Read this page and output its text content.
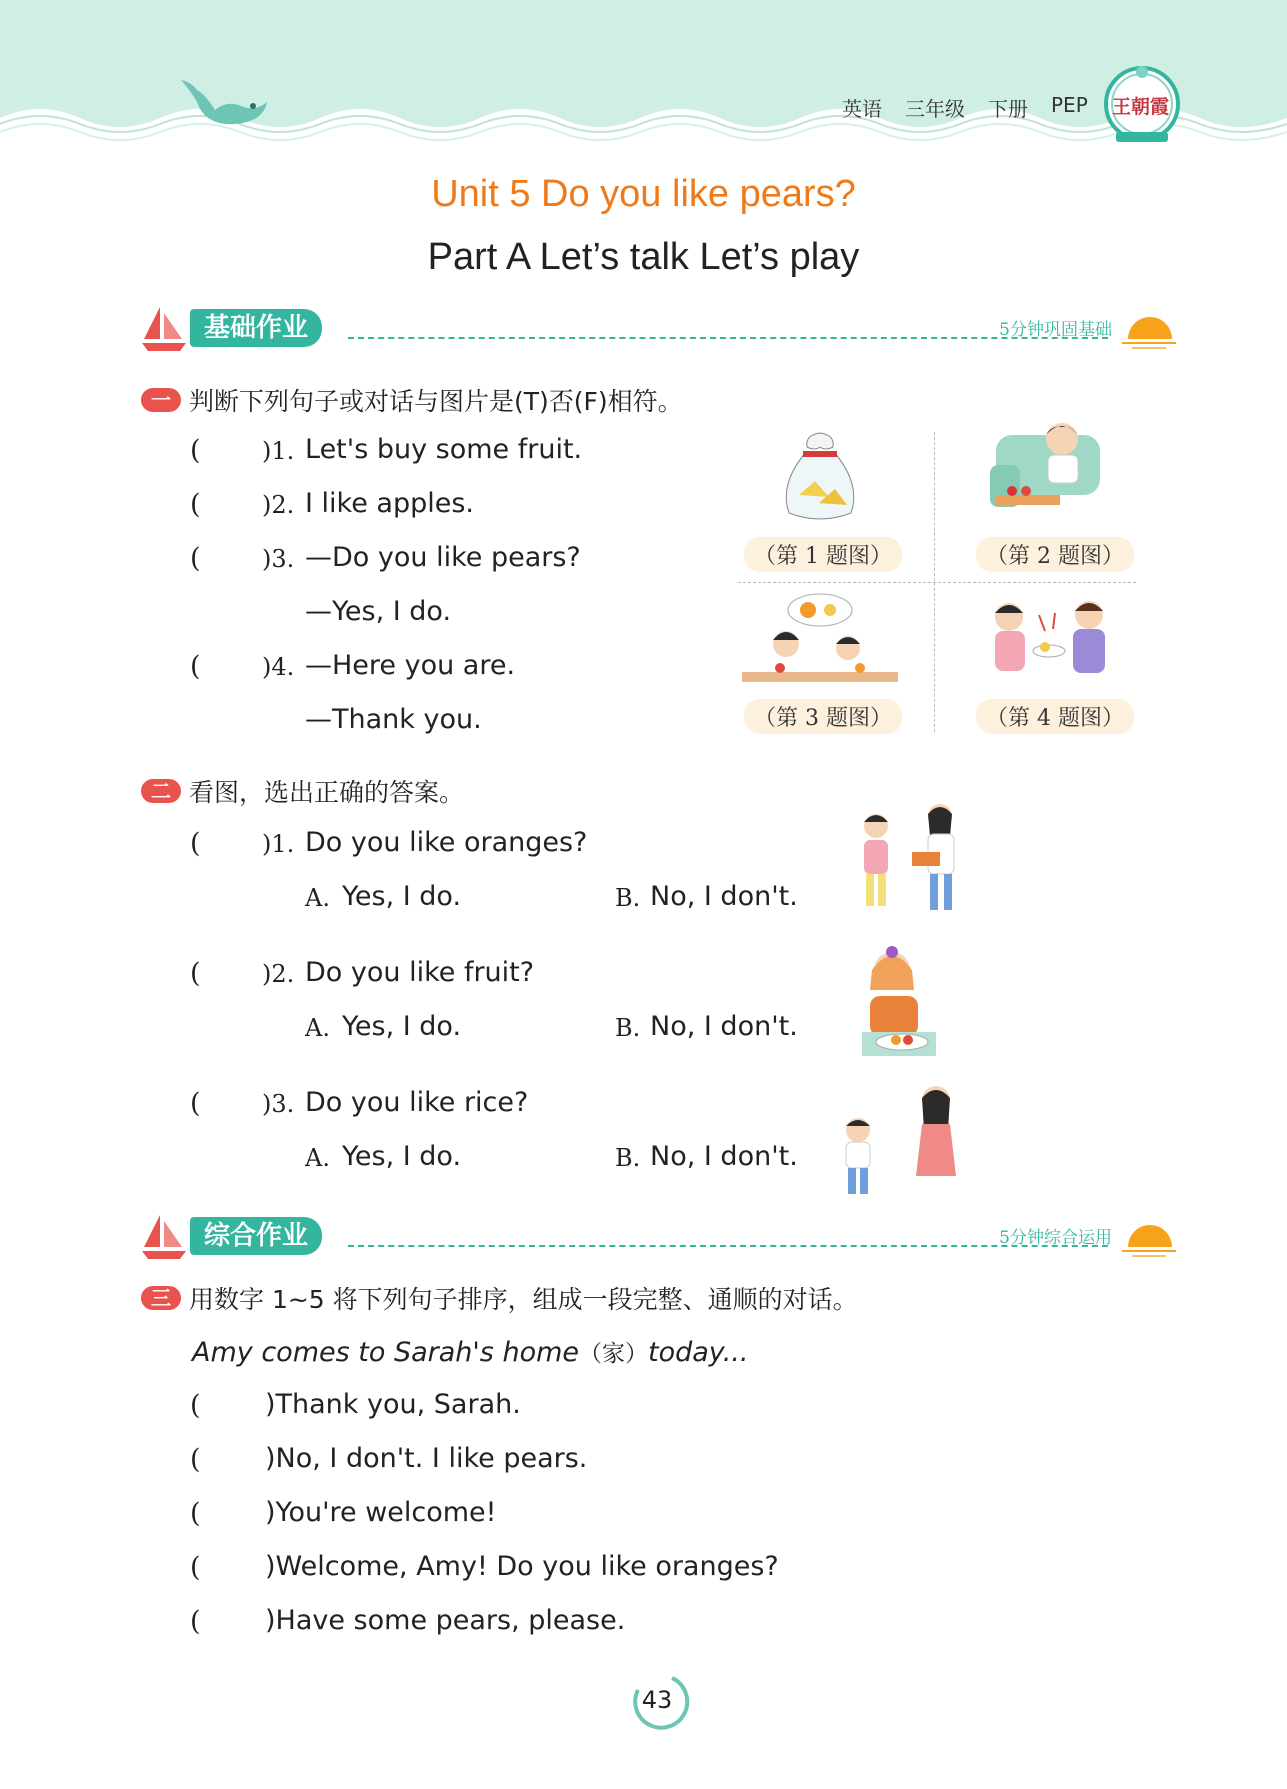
英语 三年级 下册 PEP 王朝霞
Unit 5 Do you like pears?
Part A Let’s talk Let’s play
基础作业	5分钟巩固基础
一 判断下列句子或对话与图片是(T)否(F)相符。
(	)1. Let's buy some fruit.
(	)2. I like apples.
(	)3. —Do you like pears?
—Yes, I do.
(	)4. —Here you are.
—Thank you.
（第 1 题图）	（第 2 题图）
（第 3 题图）	（第 4 题图）
二 看图，选出正确的答案。
(	)1. Do you like oranges?
A. Yes, I do.	B. No, I don't.
(	)2. Do you like fruit?
A. Yes, I do.	B. No, I don't.
(	)3. Do you like rice?
A. Yes, I do.	B. No, I don't.
综合作业	5分钟综合运用
三 用数字 1~5 将下列句子排序，组成一段完整、通顺的对话。
Amy comes to Sarah's home（家）today...
( )Thank you, Sarah.
( )No, I don't. I like pears.
( )You're welcome!
( )Welcome, Amy! Do you like oranges?
( )Have some pears, please.
43
